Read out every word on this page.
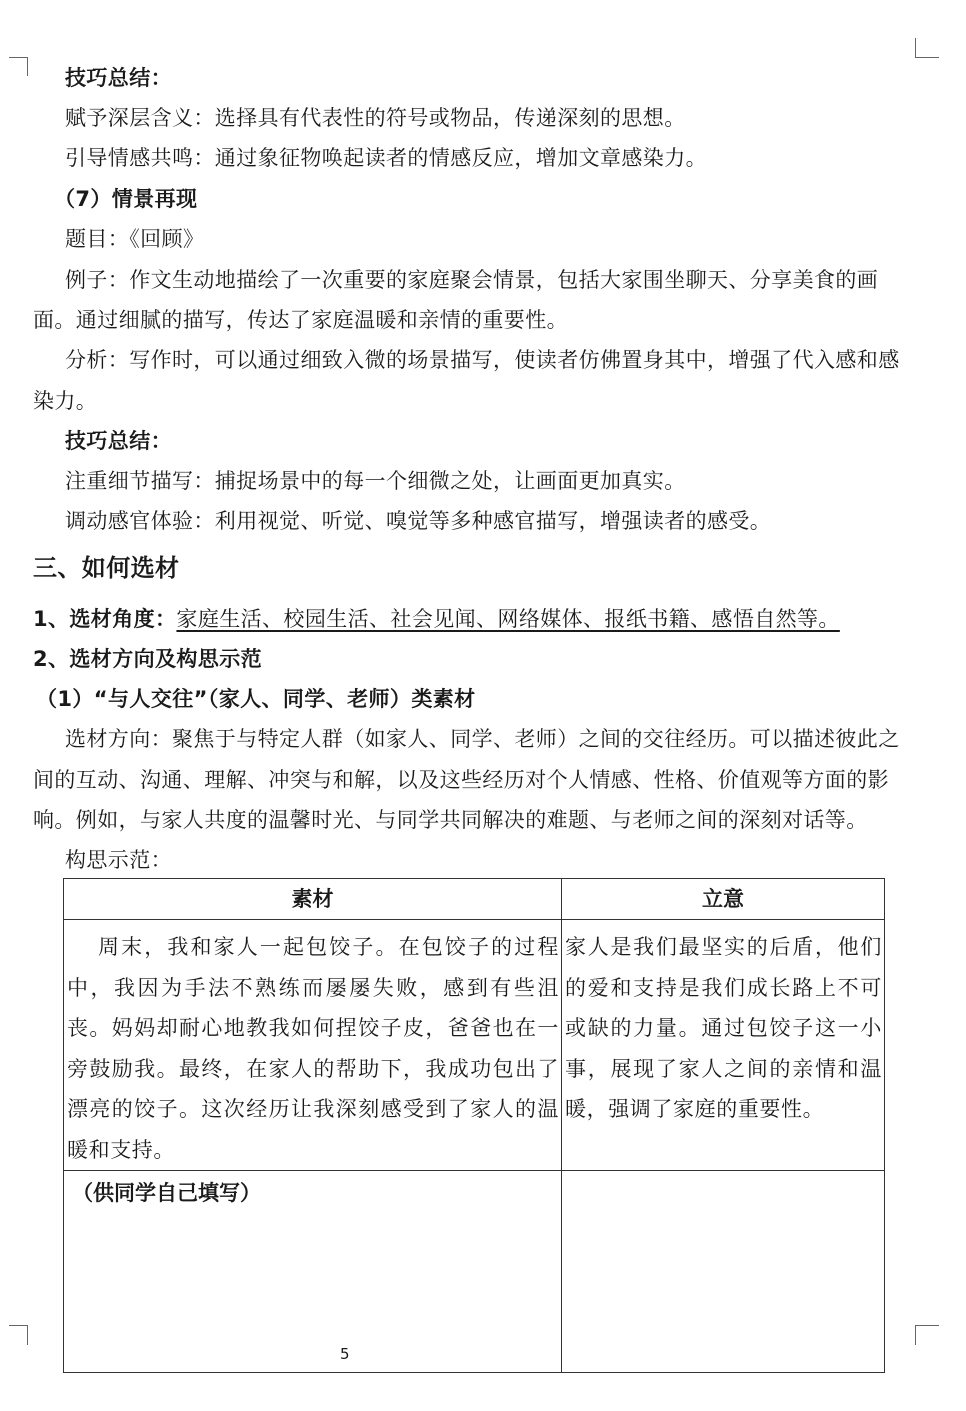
技巧总结：
赋予深层含义：选择具有代表性的符号或物品，传递深刻的思想。
引导情感共鸣：通过象征物唤起读者的情感反应，增加文章感染力。
（7）情景再现
题目：《回顾》
例子：作文生动地描绘了一次重要的家庭聚会情景，包括大家围坐聊天、分享美食的画
面。通过细腻的描写，传达了家庭温暖和亲情的重要性。
分析：写作时，可以通过细致入微的场景描写，使读者仿佛置身其中，增强了代入感和感
染力。
技巧总结：
注重细节描写：捕捉场景中的每一个细微之处，让画面更加真实。
调动感官体验：利用视觉、听觉、嗅觉等多种感官描写，增强读者的感受。
三、如何选材
1、选材角度：家庭生活、校园生活、社会见闻、网络媒体、报纸书籍、感悟自然等。
2、选材方向及构思示范
（1）“与人交往”（家人、同学、老师）类素材
选材方向：聚焦于与特定人群（如家人、同学、老师）之间的交往经历。可以描述彼此之
间的互动、沟通、理解、冲突与和解，以及这些经历对个人情感、性格、价值观等方面的影
响。例如，与家人共度的温馨时光、与同学共同解决的难题、与老师之间的深刻对话等。
构思示范：
素材	立意

周末，我和家人一起包饺子。在包饺子的过程中，我因为手法不熟练而屡屡失败，感到有些沮丧。妈妈却耐心地教我如何捏饺子皮，爸爸也在一旁鼓励我。最终，在家人的帮助下，我成功包出了漂亮的饺子。这次经历让我深刻感受到了家人的温暖和支持。	家人是我们最坚实的后盾，他们的爱和支持是我们成长路上不可或缺的力量。通过包饺子这一小事，展现了家人之间的亲情和温暖，强调了家庭的重要性。

（供同学自己填写）	

5
